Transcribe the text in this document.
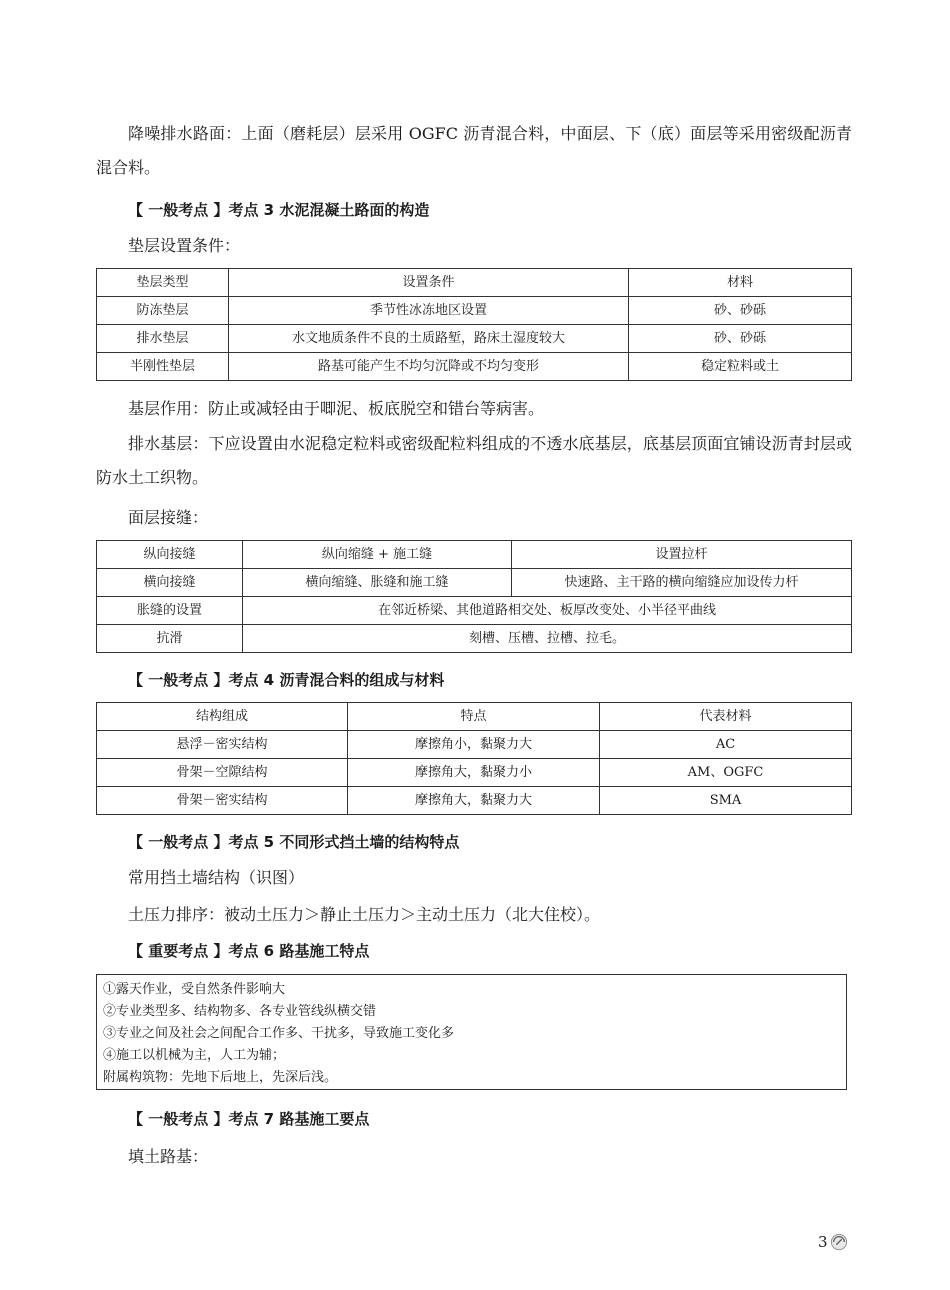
降噪排水路面：上面（磨耗层）层采用 OGFC 沥青混合料，中面层、下（底）面层等采用密级配沥青混合料。

【 一般考点 】考点 3 水泥混凝土路面的构造

垫层设置条件：

垫层类型	设置条件	材料
防冻垫层	季节性冰冻地区设置	砂、砂砾
排水垫层	水文地质条件不良的土质路堑，路床土湿度较大	砂、砂砾
半刚性垫层	路基可能产生不均匀沉降或不均匀变形	稳定粒料或土

基层作用：防止或减轻由于唧泥、板底脱空和错台等病害。

排水基层：下应设置由水泥稳定粒料或密级配粒料组成的不透水底基层，底基层顶面宜铺设沥青封层或防水土工织物。

面层接缝：

纵向接缝	纵向缩缝 + 施工缝	设置拉杆
横向接缝	横向缩缝、胀缝和施工缝	快速路、主干路的横向缩缝应加设传力杆
胀缝的设置	在邻近桥梁、其他道路相交处、板厚改变处、小半径平曲线	
抗滑	刻槽、压槽、拉槽、拉毛。	

【 一般考点 】考点 4 沥青混合料的组成与材料

结构组成	特点	代表材料
悬浮－密实结构	摩擦角小，黏聚力大	AC
骨架－空隙结构	摩擦角大，黏聚力小	AM、OGFC
骨架－密实结构	摩擦角大，黏聚力大	SMA

【 一般考点 】考点 5 不同形式挡土墙的结构特点

常用挡土墙结构（识图）

土压力排序：被动土压力＞静止土压力＞主动土压力（北大住校）。

【 重要考点 】考点 6 路基施工特点

①露天作业，受自然条件影响大
②专业类型多、结构物多、各专业管线纵横交错
③专业之间及社会之间配合工作多、干扰多，导致施工变化多
④施工以机械为主，人工为辅；
附属构筑物：先地下后地上，先深后浅。

【 一般考点 】考点 7 路基施工要点

填土路基：

3
